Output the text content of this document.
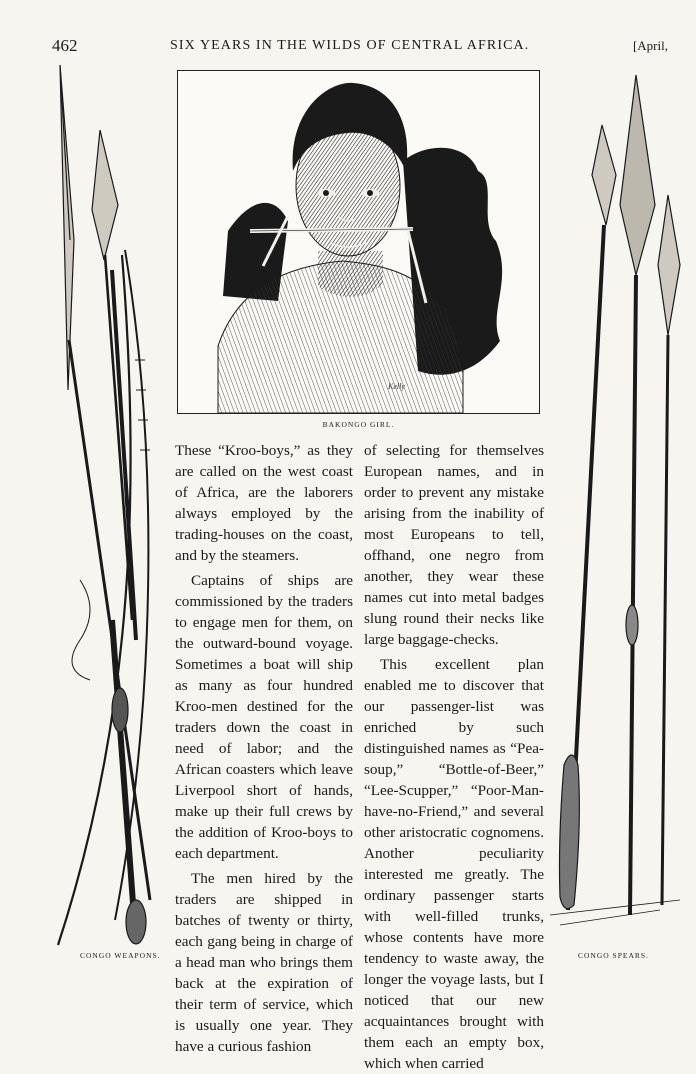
462	SIX YEARS IN THE WILDS OF CENTRAL AFRICA.	[April,
CONGO WEAPONS.	CONGO SPEARS.
Kelly
BAKONGO GIRL.

These “Kroo-boys,” as they are called on the west coast of Africa, are the laborers always employed by the trading-houses on the coast, and by the steamers.

Captains of ships are commissioned by the traders to engage men for them, on the outward-bound voyage. Sometimes a boat will ship as many as four hundred Kroo-men destined for the traders down the coast in need of labor; and the African coasters which leave Liverpool short of hands, make up their full crews by the addition of Kroo-boys to each department.

The men hired by the traders are shipped in batches of twenty or thirty, each gang being in charge of a head man who brings them back at the expiration of their term of service, which is usually one year. They have a curious fashion

of selecting for themselves European names, and in order to prevent any mistake arising from the inability of most Europeans to tell, offhand, one negro from another, they wear these names cut into metal badges slung round their necks like large baggage-checks.

This excellent plan enabled me to discover that our passenger-list was enriched by such distinguished names as “Pea-soup,” “Bottle-of-Beer,” “Lee-Scupper,” “Poor-Man-have-no-Friend,” and several other aristocratic cognomens. Another peculiarity interested me greatly. The ordinary passenger starts with well-filled trunks, whose contents have more tendency to waste away, the longer the voyage lasts, but I noticed that our new acquaintances brought with them each an empty box, which when carried
